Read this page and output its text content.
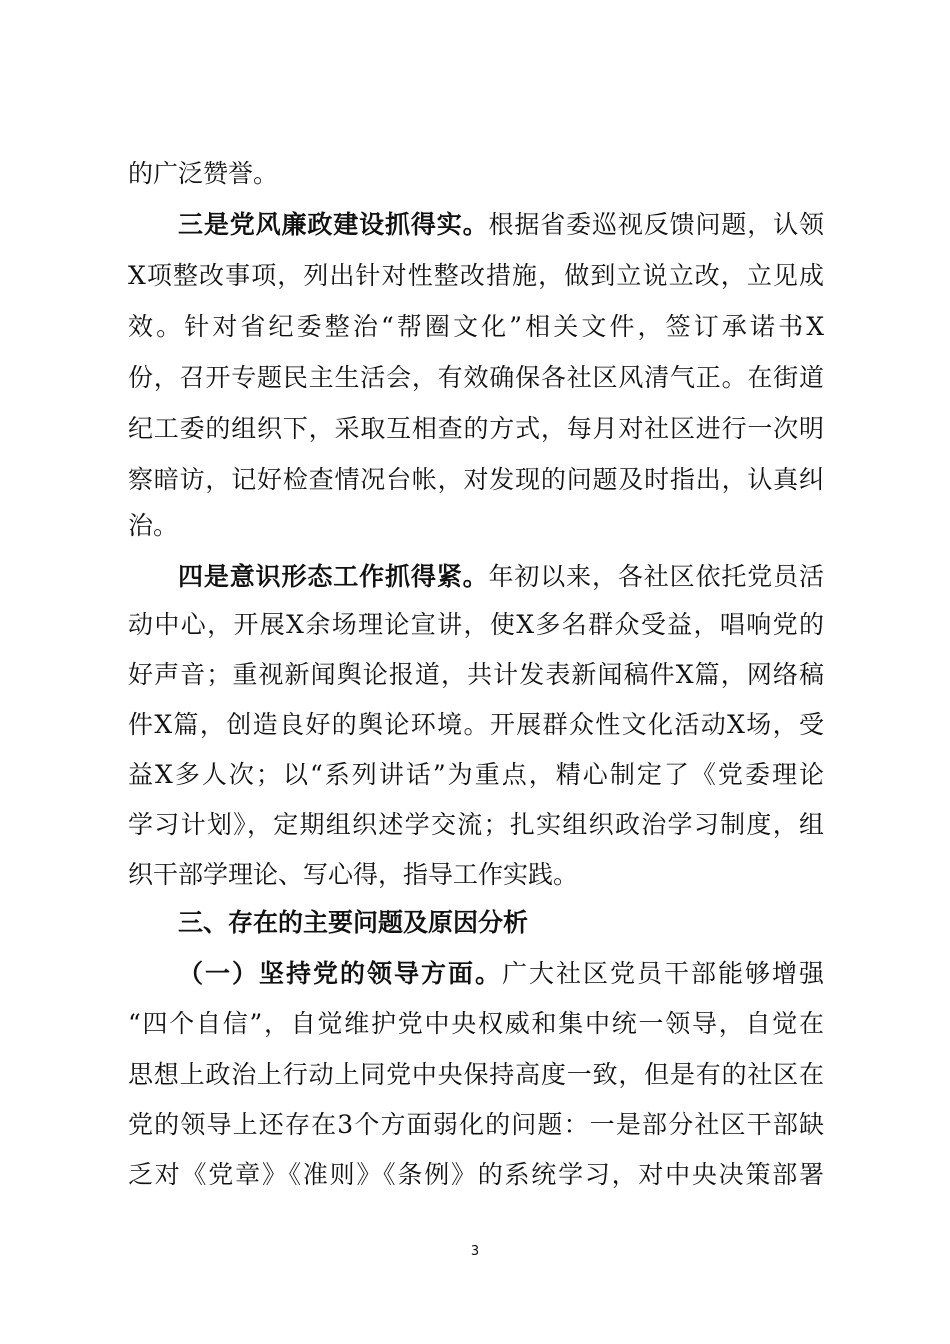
的广泛赞誉。
三是党风廉政建设抓得实。根据省委巡视反馈问题，认领
X项整改事项，列出针对性整改措施，做到立说立改，立见成
效。针对省纪委整治“帮圈文化”相关文件，签订承诺书X
份，召开专题民主生活会，有效确保各社区风清气正。在街道
纪工委的组织下，采取互相查的方式，每月对社区进行一次明
察暗访，记好检查情况台帐，对发现的问题及时指出，认真纠
治。
四是意识形态工作抓得紧。年初以来，各社区依托党员活
动中心，开展X余场理论宣讲，使X多名群众受益，唱响党的
好声音；重视新闻舆论报道，共计发表新闻稿件X篇，网络稿
件X篇，创造良好的舆论环境。开展群众性文化活动X场，受
益X多人次；以“系列讲话”为重点，精心制定了《党委理论
学习计划》，定期组织述学交流；扎实组织政治学习制度，组
织干部学理论、写心得，指导工作实践。
三、存在的主要问题及原因分析
（一）坚持党的领导方面。广大社区党员干部能够增强
“四个自信”，自觉维护党中央权威和集中统一领导，自觉在
思想上政治上行动上同党中央保持高度一致，但是有的社区在
党的领导上还存在3个方面弱化的问题：一是部分社区干部缺
乏对《党章》《准则》《条例》的系统学习，对中央决策部署
3
